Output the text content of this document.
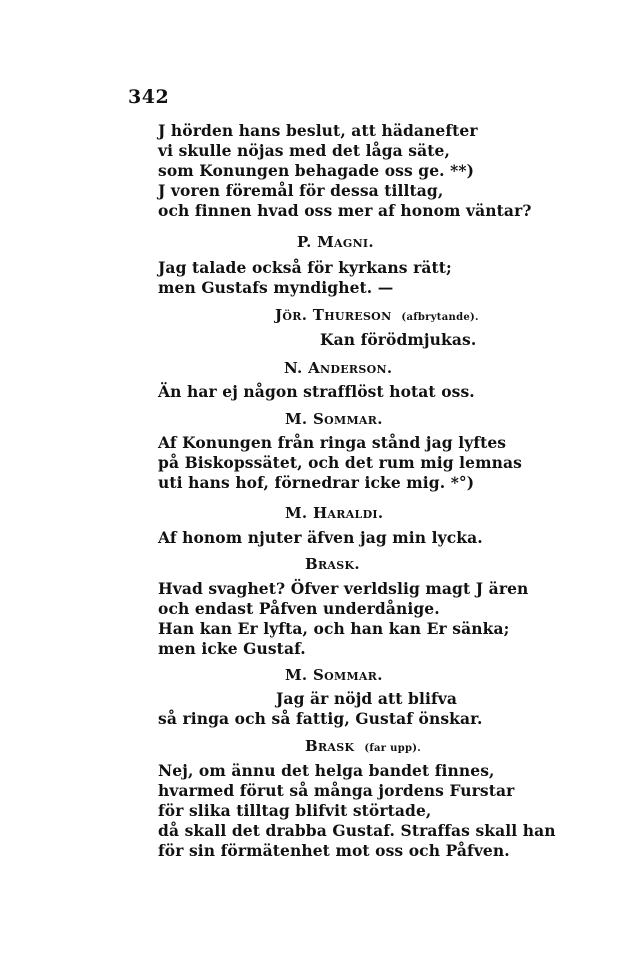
342
J hörden hans beslut, att hädanefter
vi skulle nöjas med det låga säte,
som Konungen behagade oss ge. **)
J voren föremål för dessa tilltag,
och finnen hvad oss mer af honom väntar?
P. Magni.
Jag talade också för kyrkans rätt;
men Gustafs myndighet. —
Jör. Thureson (afbrytande).
Kan förödmjukas.
N. Anderson.
Än har ej någon strafflöst hotat oss.
M. Sommar.
Af Konungen från ringa stånd jag lyftes
på Biskopssätet, och det rum mig lemnas
uti hans hof, förnedrar icke mig. *°)
M. Haraldi.
Af honom njuter äfven jag min lycka.
Brask.
Hvad svaghet? Öfver verldslig magt J ären
och endast Påfven underdånige.
Han kan Er lyfta, och han kan Er sänka;
men icke Gustaf.
M. Sommar.
Jag är nöjd att blifva
så ringa och så fattig, Gustaf önskar.
Brask (far upp).
Nej, om ännu det helga bandet finnes,
hvarmed förut så många jordens Furstar
för slika tilltag blifvit störtade,
då skall det drabba Gustaf. Straffas skall han
för sin förmätenhet mot oss och Påfven.
